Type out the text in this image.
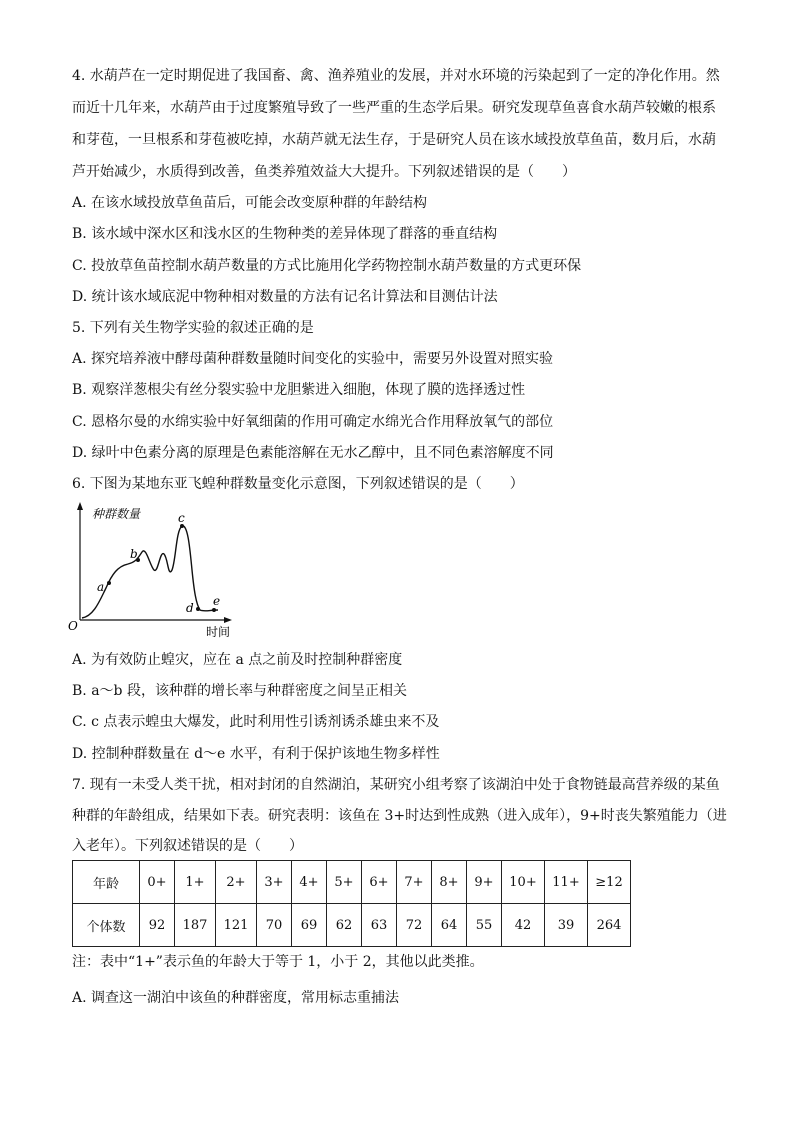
4. 水葫芦在一定时期促进了我国畜、禽、渔养殖业的发展，并对水环境的污染起到了一定的净化作用。然
而近十几年来，水葫芦由于过度繁殖导致了一些严重的生态学后果。研究发现草鱼喜食水葫芦较嫩的根系
和芽苞，一旦根系和芽苞被吃掉，水葫芦就无法生存，于是研究人员在该水域投放草鱼苗，数月后，水葫
芦开始减少，水质得到改善，鱼类养殖效益大大提升。下列叙述错误的是（　　）
A. 在该水域投放草鱼苗后，可能会改变原种群的年龄结构
B. 该水域中深水区和浅水区的生物种类的差异体现了群落的垂直结构
C. 投放草鱼苗控制水葫芦数量的方式比施用化学药物控制水葫芦数量的方式更环保
D. 统计该水域底泥中物种相对数量的方法有记名计算法和目测估计法
5. 下列有关生物学实验的叙述正确的是
A. 探究培养液中酵母菌种群数量随时间变化的实验中，需要另外设置对照实验
B. 观察洋葱根尖有丝分裂实验中龙胆紫进入细胞，体现了膜的选择透过性
C. 恩格尔曼的水绵实验中好氧细菌的作用可确定水绵光合作用释放氧气的部位
D. 绿叶中色素分离的原理是色素能溶解在无水乙醇中，且不同色素溶解度不同
6. 下图为某地东亚飞蝗种群数量变化示意图，下列叙述错误的是（　　）
a
b
c
d e
种群数量
时间
O
A. 为有效防止蝗灾，应在 a 点之前及时控制种群密度
B. a～b 段，该种群的增长率与种群密度之间呈正相关
C. c 点表示蝗虫大爆发，此时利用性引诱剂诱杀雄虫来不及
D. 控制种群数量在 d～e 水平，有利于保护该地生物多样性
7. 现有一未受人类干扰，相对封闭的自然湖泊，某研究小组考察了该湖泊中处于食物链最高营养级的某鱼
种群的年龄组成，结果如下表。研究表明：该鱼在 3+时达到性成熟（进入成年），9+时丧失繁殖能力（进
入老年）。下列叙述错误的是（　　）
年龄	0+	1+	2+	3+	4+	5+	6+	7+	8+	9+	10+	11+	≥12
个体数	92	187	121	70	69	62	63	72	64	55	42	39	264
注：表中“1+”表示鱼的年龄大于等于 1，小于 2，其他以此类推。
A. 调查这一湖泊中该鱼的种群密度，常用标志重捕法
